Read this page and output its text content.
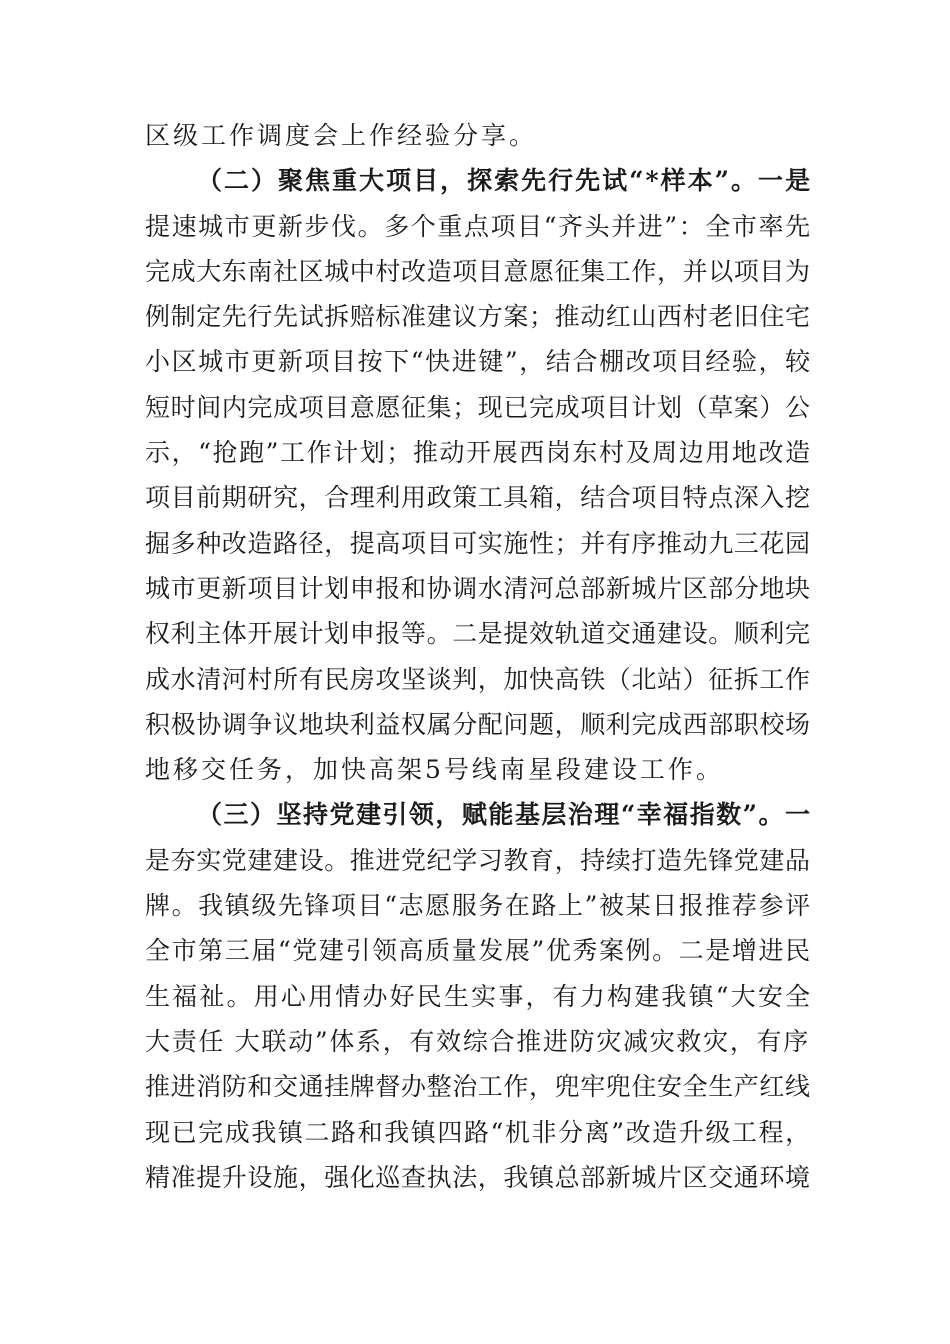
区级工作调度会上作经验分享。
（二）聚焦重大项目，探索先行先试“*样本”。一是
提速城市更新步伐。多个重点项目“齐头并进”：全市率先
完成大东南社区城中村改造项目意愿征集工作，并以项目为
例制定先行先试拆赔标准建议方案；推动红山西村老旧住宅
小区城市更新项目按下“快进键”，结合棚改项目经验，较
短时间内完成项目意愿征集；现已完成项目计划（草案）公
示，“抢跑”工作计划；推动开展西岗东村及周边用地改造
项目前期研究，合理利用政策工具箱，结合项目特点深入挖
掘多种改造路径，提高项目可实施性；并有序推动九三花园
城市更新项目计划申报和协调水清河总部新城片区部分地块
权利主体开展计划申报等。二是提效轨道交通建设。顺利完
成水清河村所有民房攻坚谈判，加快高铁（北站）征拆工作
积极协调争议地块利益权属分配问题，顺利完成西部职校场
地移交任务，加快高架5号线南星段建设工作。
（三）坚持党建引领，赋能基层治理“幸福指数”。一
是夯实党建建设。推进党纪学习教育，持续打造先锋党建品
牌。我镇级先锋项目“志愿服务在路上”被某日报推荐参评
全市第三届“党建引领高质量发展”优秀案例。二是增进民
生福祉。用心用情办好民生实事，有力构建我镇“大安全
大责任 大联动”体系，有效综合推进防灾减灾救灾，有序
推进消防和交通挂牌督办整治工作，兜牢兜住安全生产红线
现已完成我镇二路和我镇四路“机非分离”改造升级工程，
精准提升设施，强化巡查执法，我镇总部新城片区交通环境
